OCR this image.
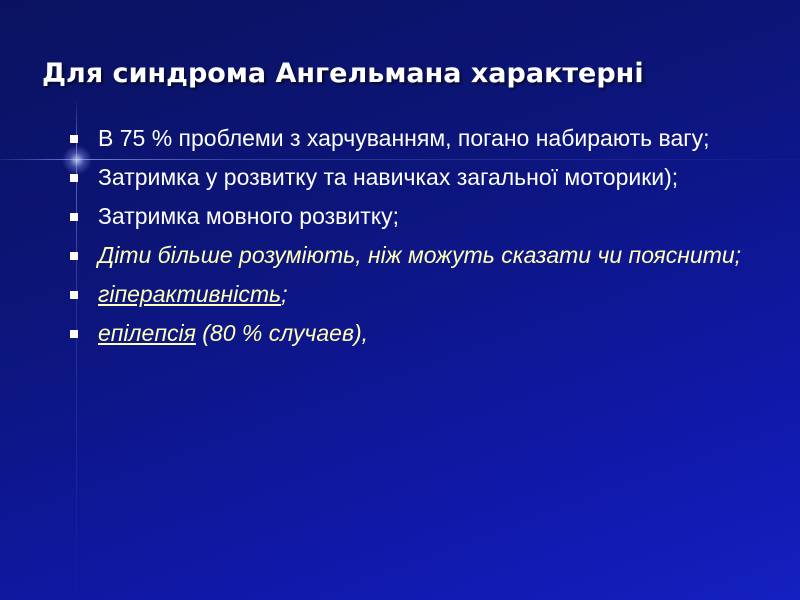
Для синдрома Ангельмана характерні
В 75 % проблеми з харчуванням, погано набирають вагу;
Затримка у розвитку та навичках загальної моторики);
Затримка мовного розвитку;
Діти більше розуміють, ніж можуть сказати чи пояснити;
гіперактивність;
епілепсія (80 % случаев),
